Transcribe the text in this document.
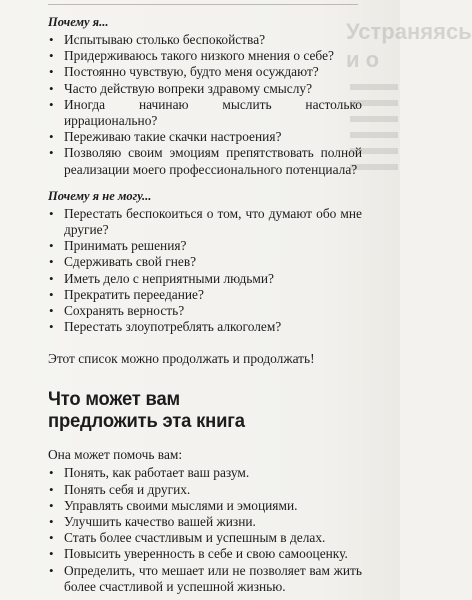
Устраняясь
и о
Почему я...
• Испытываю столько беспокойства?
• Придерживаюсь такого низкого мнения о себе?
• Постоянно чувствую, будто меня осуждают?
• Часто действую вопреки здравому смыслу?
• Иногда начинаю мыслить настолько иррационально?
• Переживаю такие скачки настроения?
• Позволяю своим эмоциям препятствовать полной реализации моего профессионального потенциала?
Почему я не могу...
• Перестать беспокоиться о том, что думают обо мне другие?
• Принимать решения?
• Сдерживать свой гнев?
• Иметь дело с неприятными людьми?
• Прекратить переедание?
• Сохранять верность?
• Перестать злоупотреблять алкоголем?
Этот список можно продолжать и продолжать!
Что может вам
предложить эта книга
Она может помочь вам:
• Понять, как работает ваш разум.
• Понять себя и других.
• Управлять своими мыслями и эмоциями.
• Улучшить качество вашей жизни.
• Стать более счастливым и успешным в делах.
• Повысить уверенность в себе и свою самооценку.
• Определить, что мешает или не позволяет вам жить более счастливой и успешной жизнью.
